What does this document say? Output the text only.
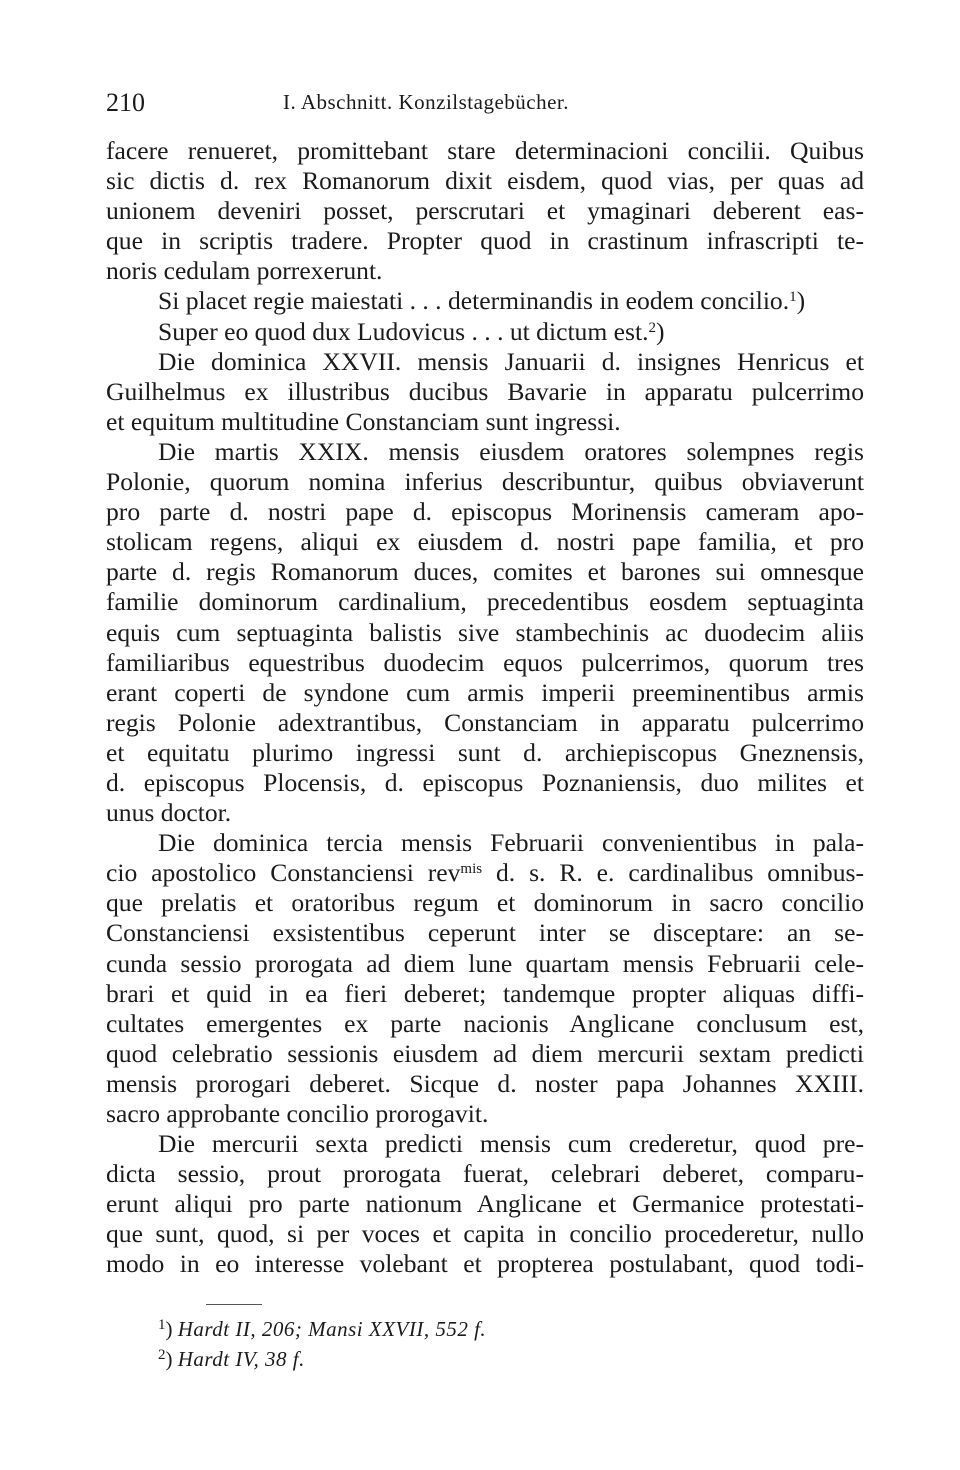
210	I. Abschnitt. Konzilstagebücher.
facere renueret, promittebant stare determinacioni concilii. Quibus
sic dictis d. rex Romanorum dixit eisdem, quod vias, per quas ad
unionem deveniri posset, perscrutari et ymaginari deberent eas-
que in scriptis tradere. Propter quod in crastinum infrascripti te-
noris cedulam porrexerunt.
Si placet regie maiestati . . . determinandis in eodem concilio.$^1$)
Super eo quod dux Ludovicus . . . ut dictum est.$^2$)
Die dominica XXVII. mensis Januarii d. insignes Henricus et
Guilhelmus ex illustribus ducibus Bavarie in apparatu pulcerrimo
et equitum multitudine Constanciam sunt ingressi.
Die martis XXIX. mensis eiusdem oratores solempnes regis
Polonie, quorum nomina inferius describuntur, quibus obviaverunt
pro parte d. nostri pape d. episcopus Morinensis cameram apo-
stolicam regens, aliqui ex eiusdem d. nostri pape familia, et pro
parte d. regis Romanorum duces, comites et barones sui omnesque
familie dominorum cardinalium, precedentibus eosdem septuaginta
equis cum septuaginta balistis sive stambechinis ac duodecim aliis
familiaribus equestribus duodecim equos pulcerrimos, quorum tres
erant coperti de syndone cum armis imperii preeminentibus armis
regis Polonie adextrantibus, Constanciam in apparatu pulcerrimo
et equitatu plurimo ingressi sunt d. archiepiscopus Gneznensis,
d. episcopus Plocensis, d. episcopus Poznaniensis, duo milites et
unus doctor.
Die dominica tercia mensis Februarii convenientibus in pala-
cio apostolico Constanciensi rev$^{mis}$ d. s. R. e. cardinalibus omnibus-
que prelatis et oratoribus regum et dominorum in sacro concilio
Constanciensi exsistentibus ceperunt inter se disceptare: an se-
cunda sessio prorogata ad diem lune quartam mensis Februarii cele-
brari et quid in ea fieri deberet; tandemque propter aliquas diffi-
cultates emergentes ex parte nacionis Anglicane conclusum est,
quod celebratio sessionis eiusdem ad diem mercurii sextam predicti
mensis prorogari deberet. Sicque d. noster papa Johannes XXIII.
sacro approbante concilio prorogavit.
Die mercurii sexta predicti mensis cum crederetur, quod pre-
dicta sessio, prout prorogata fuerat, celebrari deberet, comparu-
erunt aliqui pro parte nationum Anglicane et Germanice protestati-
que sunt, quod, si per voces et capita in concilio procederetur, nullo
modo in eo interesse volebant et propterea postulabant, quod todi-
$^1$) Hardt II, 206; Mansi XXVII, 552 f.
$^2$) Hardt IV, 38 f.
